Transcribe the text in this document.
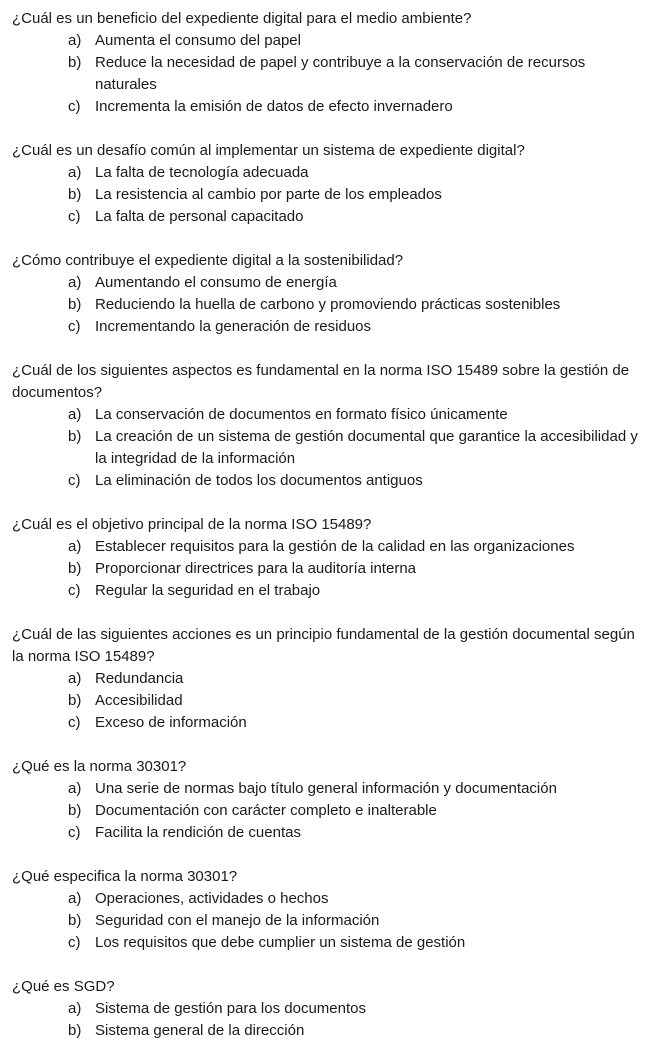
¿Cuál es un beneficio del expediente digital para el medio ambiente?

a) Aumenta el consumo del papel
b) Reduce la necesidad de papel y contribuye a la conservación de recursos naturales
c) Incrementa la emisión de datos de efecto invernadero

¿Cuál es un desafío común al implementar un sistema de expediente digital?

a) La falta de tecnología adecuada
b) La resistencia al cambio por parte de los empleados
c) La falta de personal capacitado

¿Cómo contribuye el expediente digital a la sostenibilidad?

a) Aumentando el consumo de energía
b) Reduciendo la huella de carbono y promoviendo prácticas sostenibles
c) Incrementando la generación de residuos

¿Cuál de los siguientes aspectos es fundamental en la norma ISO 15489 sobre la gestión de documentos?

a) La conservación de documentos en formato físico únicamente
b) La creación de un sistema de gestión documental que garantice la accesibilidad y la integridad de la información
c) La eliminación de todos los documentos antiguos

¿Cuál es el objetivo principal de la norma ISO 15489?

a) Establecer requisitos para la gestión de la calidad en las organizaciones
b) Proporcionar directrices para la auditoría interna
c) Regular la seguridad en el trabajo

¿Cuál de las siguientes acciones es un principio fundamental de la gestión documental según la norma ISO 15489?

a) Redundancia
b) Accesibilidad
c) Exceso de información

¿Qué es la norma 30301?

a) Una serie de normas bajo título general información y documentación
b) Documentación con carácter completo e inalterable
c) Facilita la rendición de cuentas

¿Qué especifica la norma 30301?

a) Operaciones, actividades o hechos
b) Seguridad con el manejo de la información
c) Los requisitos que debe cumplier un sistema de gestión

¿Qué es SGD?

a) Sistema de gestión para los documentos
b) Sistema general de la dirección
